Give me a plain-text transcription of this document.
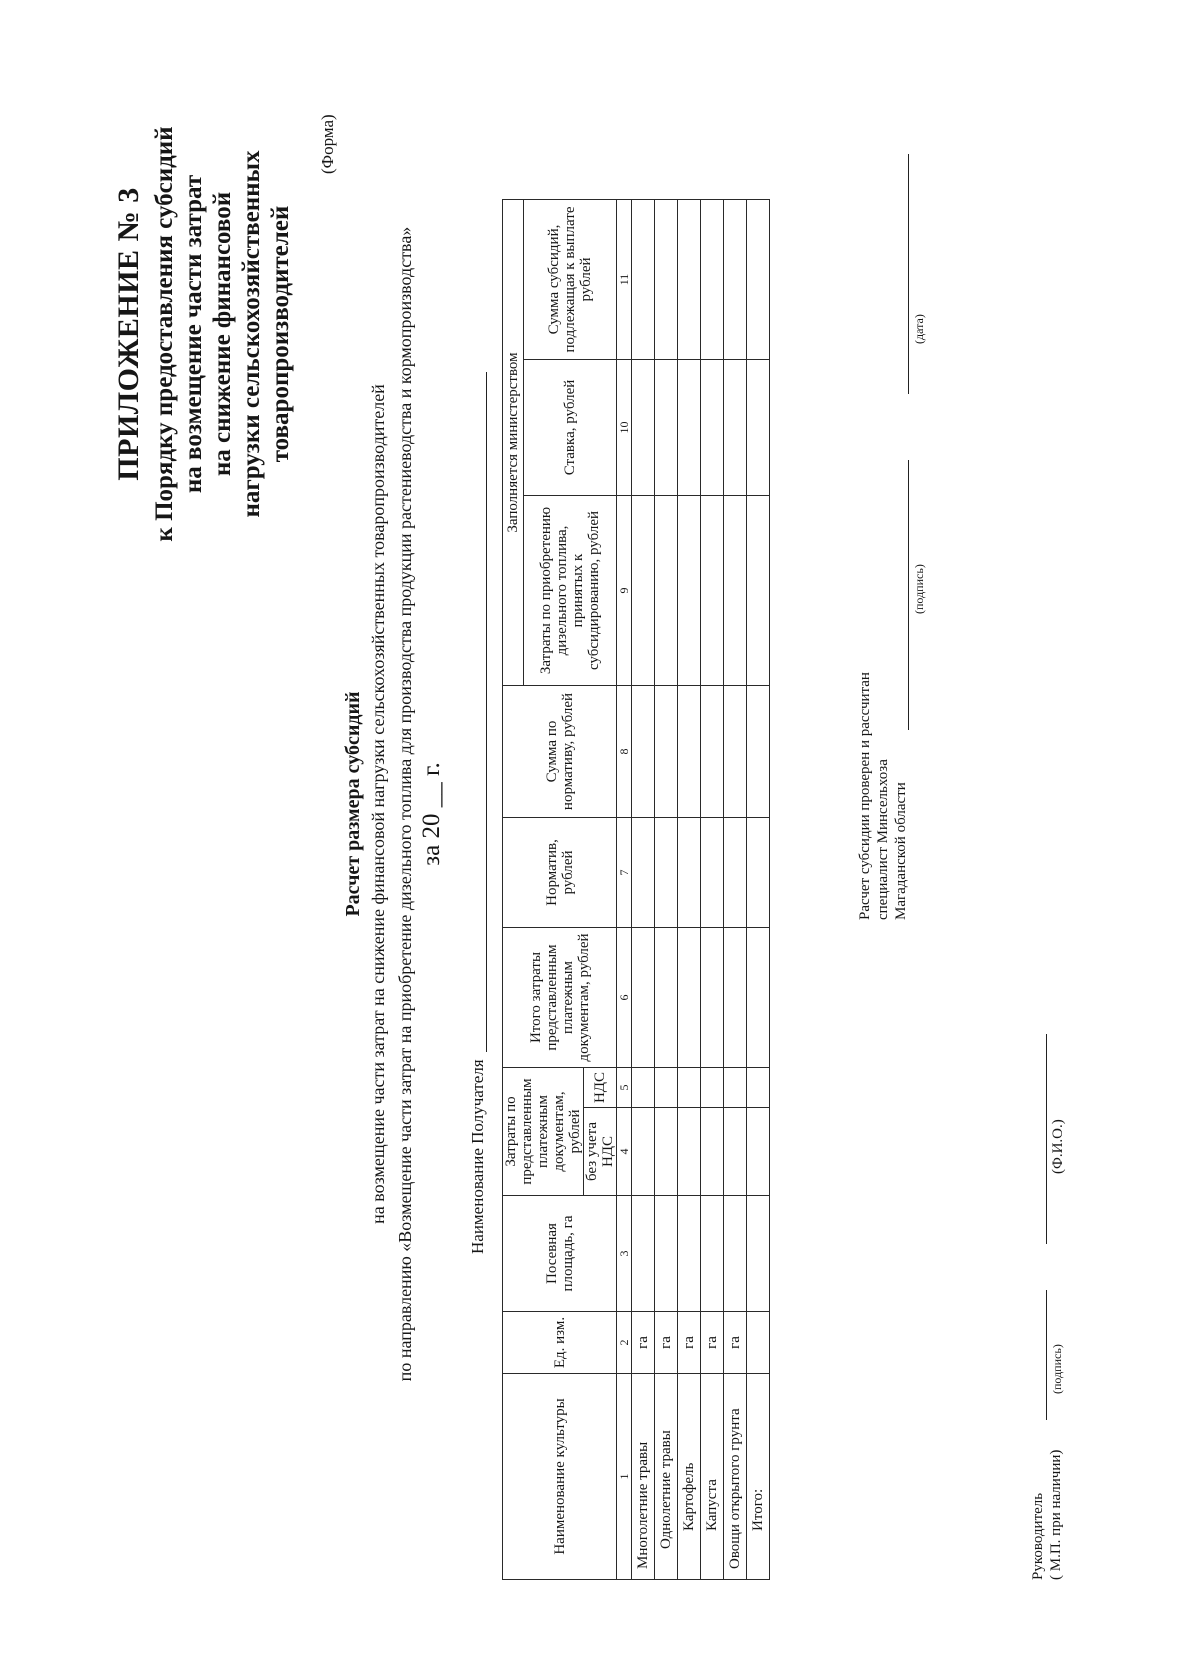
ПРИЛОЖЕНИЕ № 3 к Порядку предоставления субсидий на возмещение части затрат на снижение финансовой нагрузки сельскохозяйственных товаропроизводителей
(Форма)
Расчет размера субсидий на возмещение части затрат на снижение финансовой нагрузки сельскохозяйственных товаропроизводителей по направлению «Возмещение части затрат на приобретение дизельного топлива для производства продукции растениеводства и кормопроизводства» за 20 __ г.
Наименование Получателя
Наименование культуры	Ед. изм.	Посевная площадь, га	Затраты по представленным платежным документам, рублей		Итого затраты представленным платежным документам, рублей	Норматив, рублей	Сумма по нормативу, рублей	Заполняется министерством		
								Затраты по приобретению дизельного топлива, принятых к субсидированию, рублей	Ставка, рублей	Сумма субсидий, подлежащая к выплате рублей
			без учета НДС	НДС						
1	2	3	4	5	6	7	8	9	10	11
Многолетние травы	га									
Однолетние травы	га									
Картофель	га									
Капуста	га									
Овощи открытого грунта	га									
Итого:											Руководитель ( М.П. при наличии)
(подпись)
(Ф.И.О.)
Расчет субсидии проверен и рассчитан специалист Минсельхоза Магаданской области
(подпись)
(дата)
